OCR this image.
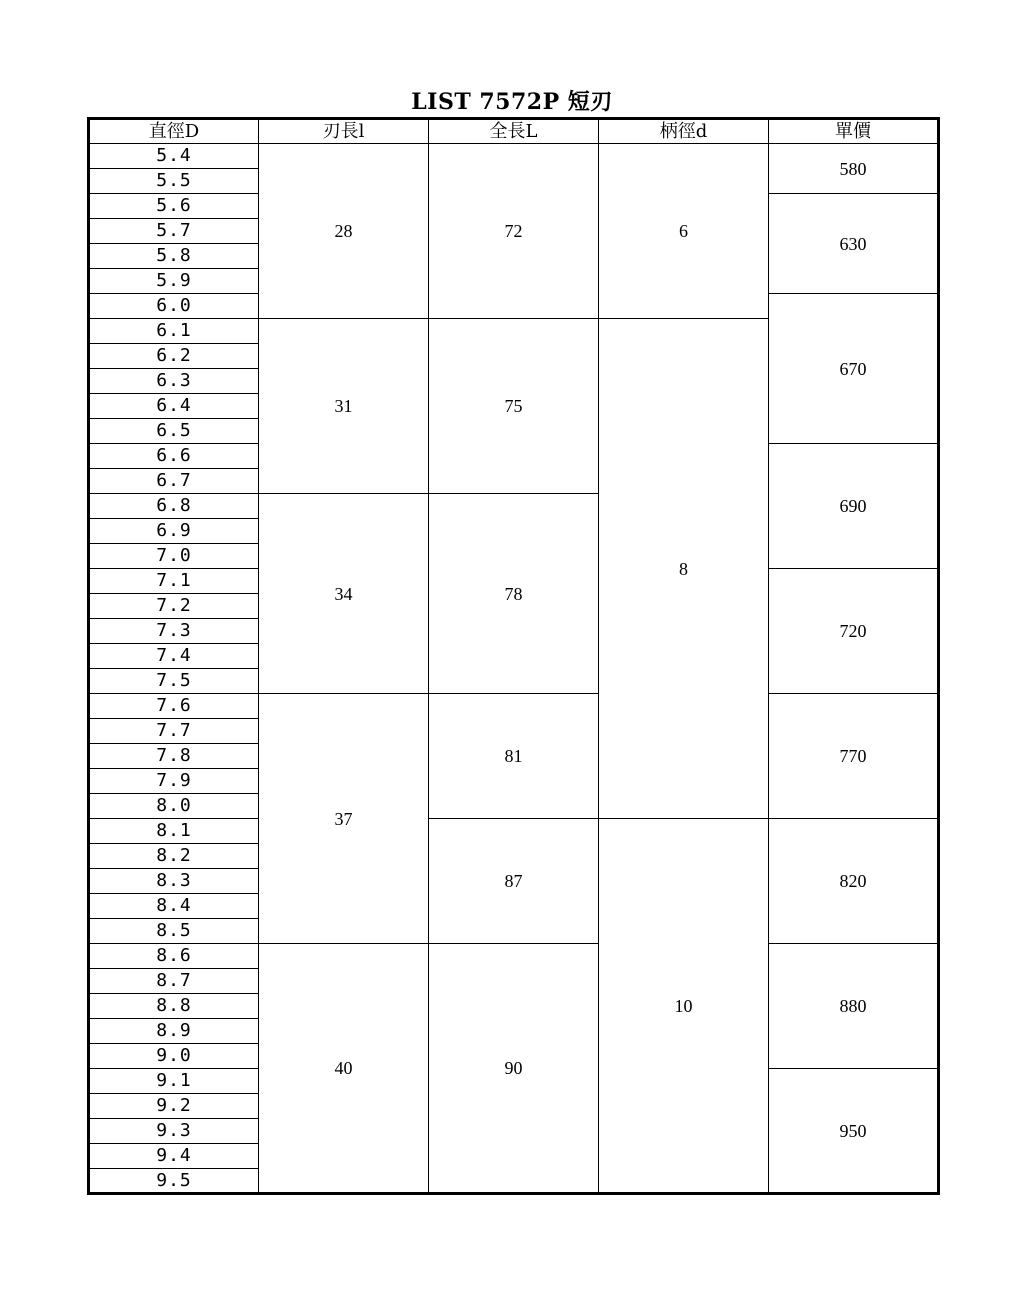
LIST 7572P 短刃
直徑D	刃長l	全長L	柄徑d	單價
5.4	28	72	6	580
5.5				
5.6				630
5.7				
5.8				
5.9				
6.0				670
6.1	31	75	8	
6.2				
6.3				
6.4				
6.5				
6.6				690
6.7				
6.8	34	78		
6.9				
7.0				
7.1				720
7.2				
7.3				
7.4				
7.5				
7.6	37	81		770
7.7				
7.8				
7.9				
8.0				
8.1		87	10	820
8.2				
8.3				
8.4				
8.5				
8.6	40	90		880
8.7				
8.8				
8.9				
9.0				
9.1				950
9.2				
9.3				
9.4				
9.5				
